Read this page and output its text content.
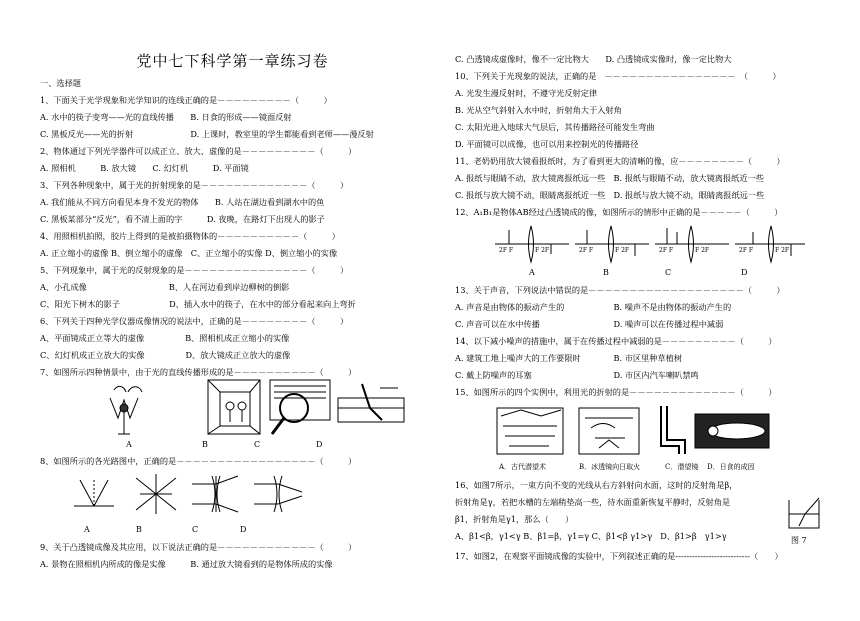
党中七下科学第一章练习卷
一、选择题
1、下面关于光学现象和光学知识的连线正确的是－－－－－－－－－（　　　）
A. 水中的筷子变弯——光的直线传播　　B. 日食的形成——镜面反射
C. 黑板反光——光的折射　　　　　　　D. 上课时，教室里的学生都能看到老师——漫反射
2、物体通过下列光学器件可以成正立、放大、虚像的是－－－－－－－－－（　　　）
A. 照相机　　　B. 放大镜　　C. 幻灯机　　　D. 平面镜
3、下列各种现象中，属于光的折射现象的是－－－－－－－－－－－－－（　　　）
A. 我们能从不同方向看见本身不发光的物体　　B. 人站在湖边看到湖水中的鱼
C. 黑板某部分“反光”，看不清上面的字　　　D. 夜晚，在路灯下出现人的影子
4、用照相机拍照，胶片上得到的是被拍摄物体的－－－－－－－－－－（　　　）
A. 正立缩小的虚像 B、倒立缩小的虚像　C、正立缩小的实像 D、倒立缩小的实像
5、下列现象中，属于光的反射现象的是－－－－－－－－－－－－－－－（　　　）
A、小孔成像　　　　　　　　　　B、人在河边看到岸边柳树的倒影
C、阳光下树木的影子　　　　　　D、插入水中的筷子，在水中的部分看起来向上弯折
6、下列关于四种光学仪器成像情况的说法中，正确的是－－－－－－－－（　　　）
A、平面镜成正立等大的虚像　　　　　B、照相机成正立缩小的实像
C、幻灯机成正立放大的实像　　　　　D、放大镜成正立放大的虚像
7、如图所示四种情景中，由于光的直线传播形成的是－－－－－－－－－－（　　　）
A	B	C	D
8、如图所示的各光路图中，正确的是－－－－－－－－－－－－－－－－－（　　　）
A	B	C	D
9、关于凸透镜成像及其应用，以下说法正确的是－－－－－－－－－－－－（　　　）
A. 景物在照相机内所成的像是实像　　　B. 通过放大镜看到的是物体所成的实像
C. 凸透镜成虚像时，像不一定比物大　　D. 凸透镜成实像时，像一定比物大
10、下列关于光现象的说法，正确的是　－－－－－－－－－－－－－－－－　（　　　）
A. 光发生漫反射时，不遵守光反射定律
B. 光从空气斜射入水中时，折射角大于入射角
C. 太阳光进入地球大气层后，其传播路径可能发生弯曲
D. 平面镜可以成像，也可以用来控制光的传播路径
11、老奶奶用放大镜看报纸时，为了看到更大的清晰的像，应－－－－－－－－（　　　）
A. 报纸与眼睛不动，放大镜离报纸远一些　B. 报纸与眼睛不动，放大镜离报纸近一些
C. 报纸与放大镜不动，眼睛离报纸近一些　D. 报纸与放大镜不动，眼睛离报纸远一些
12、A₁B₁是物体AB经过凸透镜成的像，如图所示的情形中正确的是－－－－－（　　　）
2F F	F 2F	2F F	F 2F	2F F	F 2F	2F F	F 2F
A	B	C	D
13、关于声音，下列说法中错误的是－－－－－－－－－－－－－－－－－－－（　　　）
A. 声音是由物体的振动产生的　　　　　　B. 噪声不是由物体的振动产生的
C. 声音可以在水中传播　　　　　　　　　D. 噪声可以在传播过程中减弱
14、以下减小噪声的措施中，属于在传播过程中减弱的是－－－－－－－－－（　　　）
A. 建筑工地上噪声大的工作要限时　　　　B. 市区里种草植树
C. 戴上防噪声的耳塞　　　　　　　　　　D. 市区内汽车喇叭禁鸣
15、如图所示的四个实例中，利用光的折射的是－－－－－－－－－－－－－（　　　）
A．古代潜望术	B．冰透镜向日取火	C．潜望镜 D．日食的成因
16、如图7所示，一束方向不变的光线从右方斜射向水面，这时的反射角是β，
折射角是γ，若把水槽的左端稍垫高一些，待水面重新恢复平静时，反射角是
β1，折射角是γ1，那么（　　）
A、β1<β，γ1<γ B、β1=β，γ1=γ C、β1<β γ1>γ　D、β1>β　γ1>γ	图 7
17、如图2，在观察平面镜成像的实验中，下列叙述正确的是---------------------------（　　）
